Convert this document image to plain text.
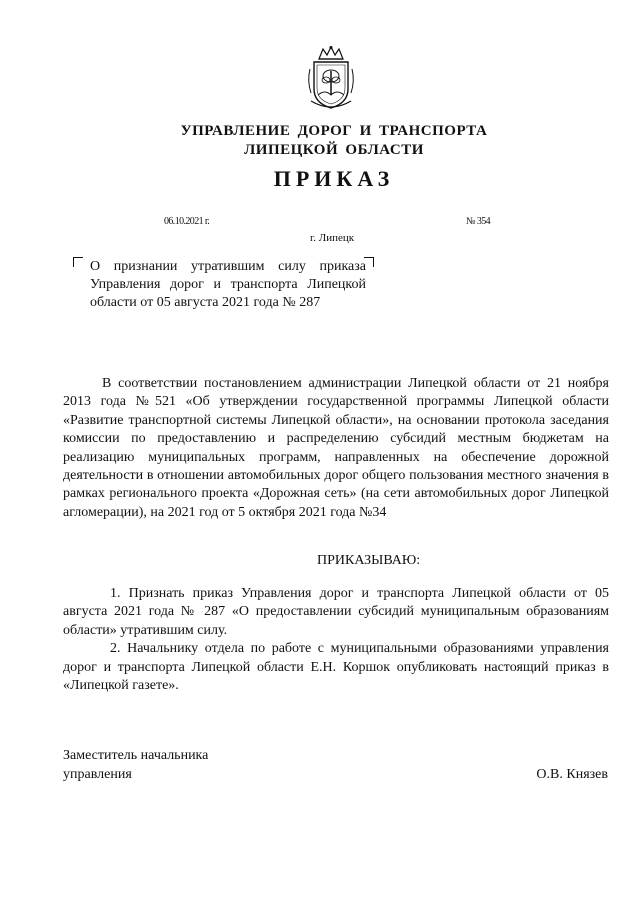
УПРАВЛЕНИЕ ДОРОГ И ТРАНСПОРТА
ЛИПЕЦКОЙ ОБЛАСТИ
ПРИКАЗ
06.10.2021 г.	№ 354
г. Липецк
О признании утратившим силу приказа Управления дорог и транспорта Липецкой области от 05 августа 2021 года № 287

В соответствии постановлением администрации Липецкой области от 21 ноября 2013 года №521 «Об утверждении государственной программы Липецкой области «Развитие транспортной системы Липецкой области», на основании протокола заседания комиссии по предоставлению и распределению субсидий местным бюджетам на реализацию муниципальных программ, направленных на обеспечение дорожной деятельности в отношении автомобильных дорог общего пользования местного значения в рамках регионального проекта «Дорожная сеть» (на сети автомобильных дорог Липецкой агломерации), на 2021 год от 5 октября 2021 года №34

ПРИКАЗЫВАЮ:

1. Признать приказ Управления дорог и транспорта Липецкой области от 05 августа 2021 года № 287 «О предоставлении субсидий муниципальным образованиям области» утратившим силу.

2. Начальнику отдела по работе с муниципальными образованиями управления дорог и транспорта Липецкой области Е.Н. Коршок опубликовать настоящий приказ в «Липецкой газете».

Заместитель начальника
управления	О.В. Князев
